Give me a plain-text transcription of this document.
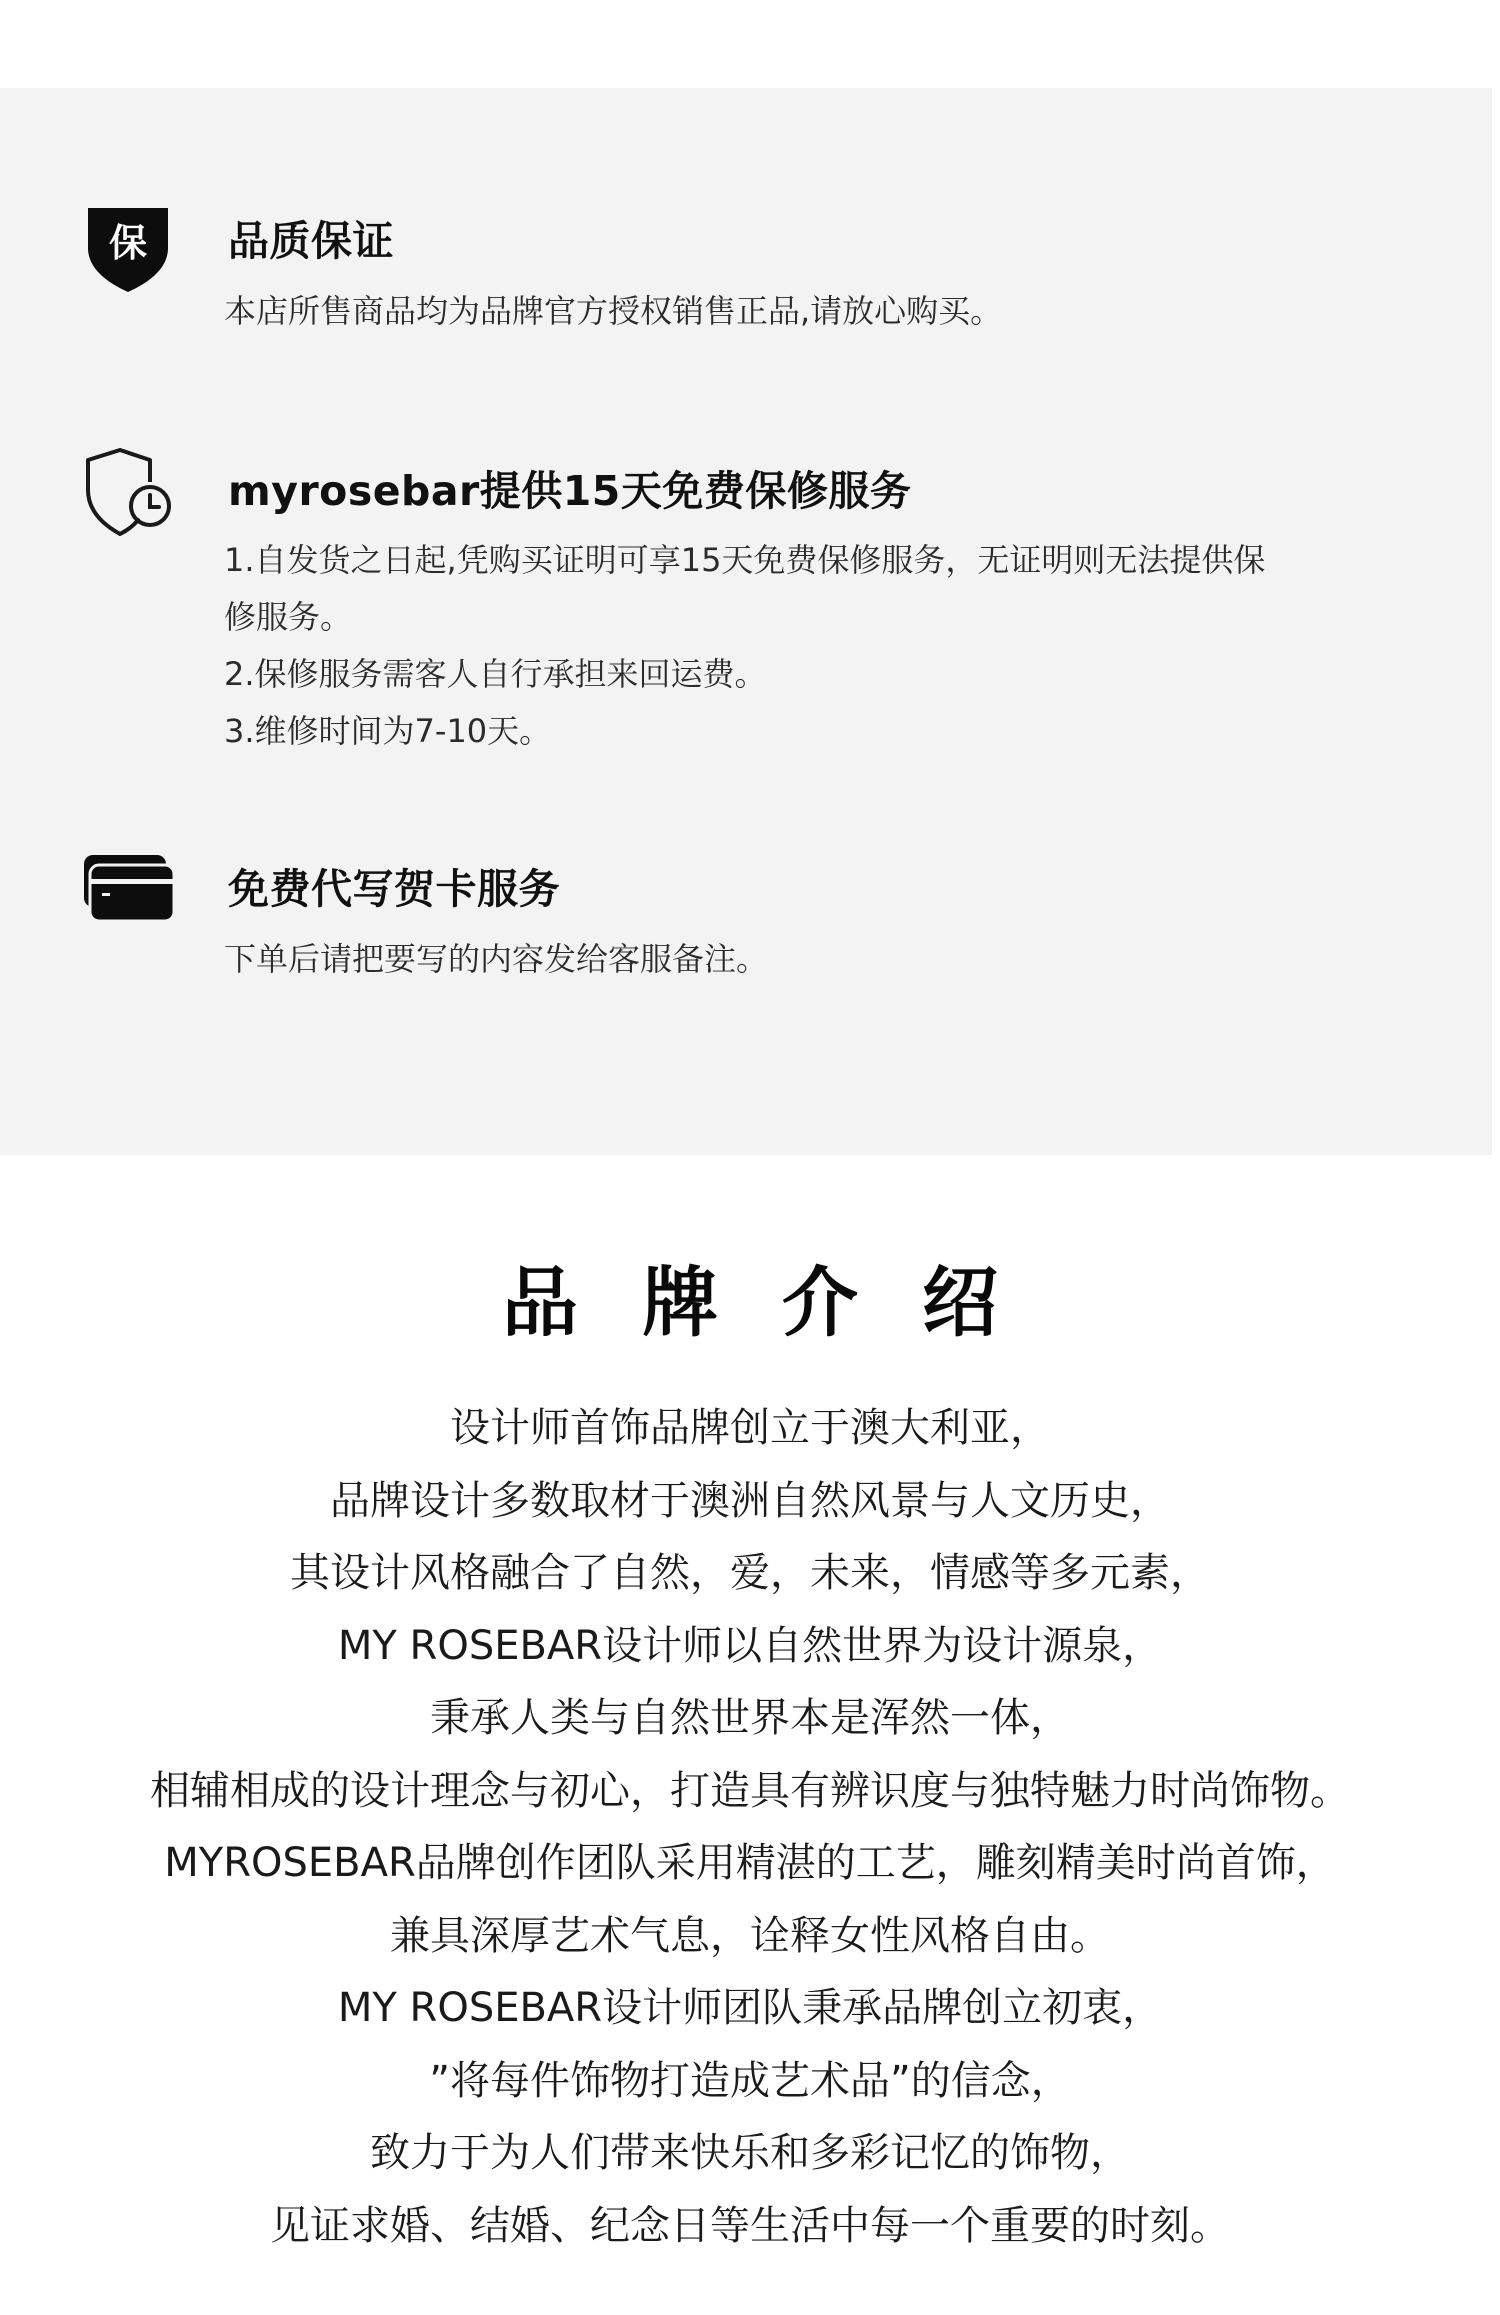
保 品质保证

本店所售商品均为品牌官方授权销售正品,请放心购买。

myrosebar提供15天免费保修服务

1.自发货之日起,凭购买证明可享15天免费保修服务，无证明则无法提供保

修服务。

2.保修服务需客人自行承担来回运费。

3.维修时间为7-10天。

免费代写贺卡服务

下单后请把要写的内容发给客服备注。

品牌介绍
设计师首饰品牌创立于澳大利亚，
品牌设计多数取材于澳洲自然风景与人文历史，
其设计风格融合了自然，爱，未来，情感等多元素，
MY ROSEBAR设计师以自然世界为设计源泉，
秉承人类与自然世界本是浑然一体，
相辅相成的设计理念与初心，打造具有辨识度与独特魅力时尚饰物。
MYROSEBAR品牌创作团队采用精湛的工艺，雕刻精美时尚首饰，
兼具深厚艺术气息，诠释女性风格自由。
MY ROSEBAR设计师团队秉承品牌创立初衷，
”将每件饰物打造成艺术品”的信念，
致力于为人们带来快乐和多彩记忆的饰物，
见证求婚、结婚、纪念日等生活中每一个重要的时刻。
